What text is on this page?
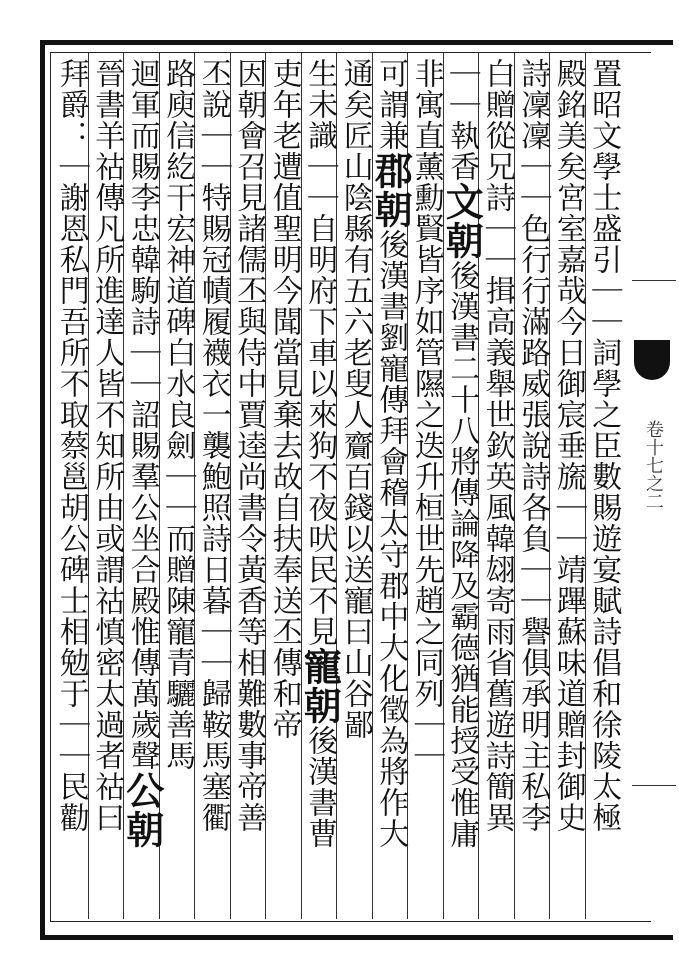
置昭文學士盛引｜｜詞學之臣數賜遊宴賦詩倡和徐陵太極
殿銘美矣宮室嘉哉今日御宸垂旒｜｜靖蹕蘇味道贈封御史
詩凜凜｜｜色行行滿路威張說詩各負｜｜譽俱承明主私李
白贈從兄詩｜｜揖高義舉世欽英風韓翃寄雨省舊遊詩簡異
｜｜執香
文朝
後漢書二十八將傳論降及霸德猶能授受惟庸
非寓直薰
勳賢皆序如管隰之迭升桓世先趙之同列｜｜
可謂兼
郡朝
後漢書劉寵傳拜會稽太守郡中大化徵為將作大
通矣
匠山陰縣有五六老叟人齎百錢以送寵曰山谷鄙
生未識｜｜自明府下車以來狗不夜吠民不見
寵朝
後漢書曹
吏年老遭值聖明今聞當見棄去故自扶奉送
丕傳和帝
因朝會召見諸儒丕與侍中賈逵尚書令黃香等相難數事帝善
丕說｜｜特賜冠幘履襪衣一襲鮑照詩日暮｜｜歸鞍馬塞衢
路庾信紇干宏神道碑白水良劍｜｜而贈陳寵青驪善馬
迴軍而賜李忠韓駒詩｜｜詔賜羣公坐合殿惟傳萬歲聲
公朝
晉書羊祜傳凡所進達人皆不知所由或謂祜慎密太過者祜曰
拜爵：｜謝恩私門吾所不取蔡邕胡公碑士相勉于｜｜民勸	卷十七之二
